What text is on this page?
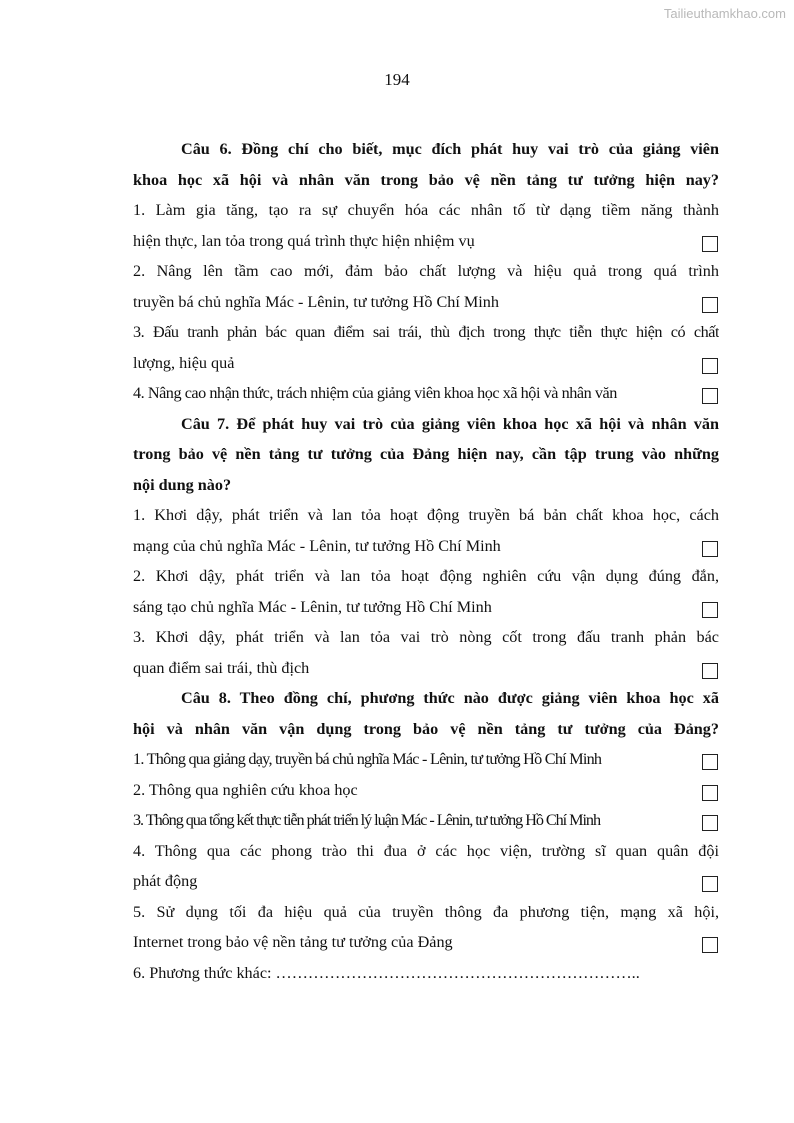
Tailieuthamkhao.com
194
Câu 6. Đồng chí cho biết, mục đích phát huy vai trò của giảng viên
khoa học xã hội và nhân văn trong bảo vệ nền tảng tư tưởng hiện nay?
1. Làm gia tăng, tạo ra sự chuyển hóa các nhân tố từ dạng tiềm năng thành
hiện thực, lan tỏa trong quá trình thực hiện nhiệm vụ
2. Nâng lên tầm cao mới, đảm bảo chất lượng và hiệu quả trong quá trình
truyền bá chủ nghĩa Mác - Lênin, tư tưởng Hồ Chí Minh
3. Đấu tranh phản bác quan điểm sai trái, thù địch trong thực tiễn thực hiện có chất
lượng, hiệu quả
4. Nâng cao nhận thức, trách nhiệm của giảng viên khoa học xã hội và nhân văn
Câu 7. Để phát huy vai trò của giảng viên khoa học xã hội và nhân văn
trong bảo vệ nền tảng tư tưởng của Đảng hiện nay, cần tập trung vào những
nội dung nào?
1. Khơi dậy, phát triển và lan tỏa hoạt động truyền bá bản chất khoa học, cách
mạng của chủ nghĩa Mác - Lênin, tư tưởng Hồ Chí Minh
2. Khơi dậy, phát triển và lan tỏa hoạt động nghiên cứu vận dụng đúng đắn,
sáng tạo chủ nghĩa Mác - Lênin, tư tưởng Hồ Chí Minh
3. Khơi dậy, phát triển và lan tỏa vai trò nòng cốt trong đấu tranh phản bác
quan điểm sai trái, thù địch
Câu 8. Theo đồng chí, phương thức nào được giảng viên khoa học xã
hội và nhân văn vận dụng trong bảo vệ nền tảng tư tưởng của Đảng?
1. Thông qua giảng dạy, truyền bá chủ nghĩa Mác - Lênin, tư tưởng Hồ Chí Minh
2. Thông qua nghiên cứu khoa học
3. Thông qua tổng kết thực tiễn phát triển lý luận Mác - Lênin, tư tưởng Hồ Chí Minh
4. Thông qua các phong trào thi đua ở các học viện, trường sĩ quan quân đội
phát động
5. Sử dụng tối đa hiệu quả của truyền thông đa phương tiện, mạng xã hội,
Internet trong bảo vệ nền tảng tư tưởng của Đảng
6. Phương thức khác: …………………………………………………………..
